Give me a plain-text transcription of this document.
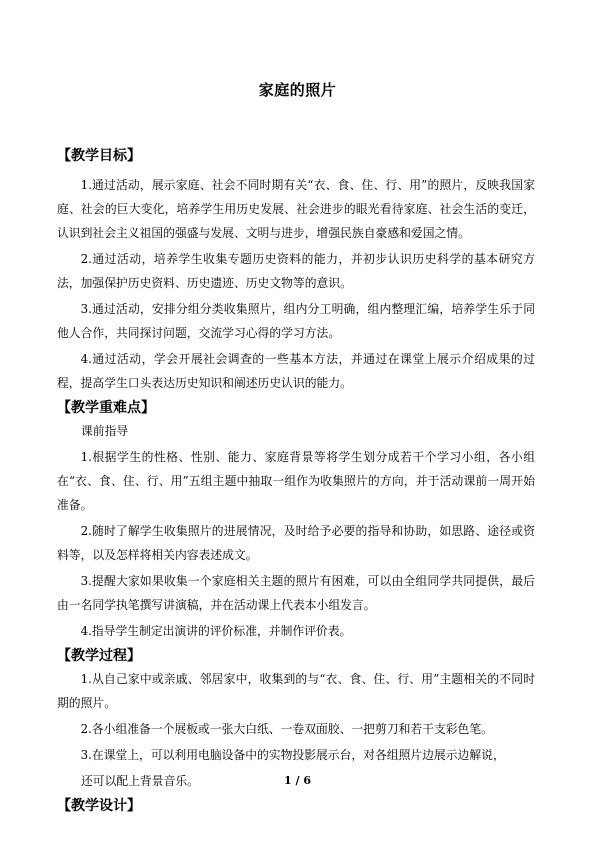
家庭的照片
【教学目标】

1.通过活动，展示家庭、社会不同时期有关“衣、食、住、行、用”的照片，反映我国家庭、社会的巨大变化，培养学生用历史发展、社会进步的眼光看待家庭、社会生活的变迁，认识到社会主义祖国的强盛与发展、文明与进步，增强民族自豪感和爱国之情。

2.通过活动，培养学生收集专题历史资料的能力，并初步认识历史科学的基本研究方法，加强保护历史资料、历史遗迹、历史文物等的意识。

3.通过活动，安排分组分类收集照片，组内分工明确，组内整理汇编，培养学生乐于同他人合作，共同探讨问题，交流学习心得的学习方法。

4.通过活动，学会开展社会调查的一些基本方法，并通过在课堂上展示介绍成果的过程，提高学生口头表达历史知识和阐述历史认识的能力。

【教学重难点】

课前指导

1.根据学生的性格、性别、能力、家庭背景等将学生划分成若干个学习小组，各小组在“衣、食、住、行、用”五组主题中抽取一组作为收集照片的方向，并于活动课前一周开始准备。

2.随时了解学生收集照片的进展情况，及时给予必要的指导和协助，如思路、途径或资料等，以及怎样将相关内容表述成文。

3.提醒大家如果收集一个家庭相关主题的照片有困难，可以由全组同学共同提供，最后由一名同学执笔撰写讲演稿，并在活动课上代表本小组发言。

4.指导学生制定出演讲的评价标准，并制作评价表。

【教学过程】

1.从自己家中或亲戚、邻居家中，收集到的与“衣、食、住、行、用”主题相关的不同时期的照片。

2.各小组准备一个展板或一张大白纸、一卷双面胶、一把剪刀和若干支彩色笔。

3.在课堂上，可以利用电脑设备中的实物投影展示台，对各组照片边展示边解说，

还可以配上背景音乐。

【教学设计】
1 / 6
